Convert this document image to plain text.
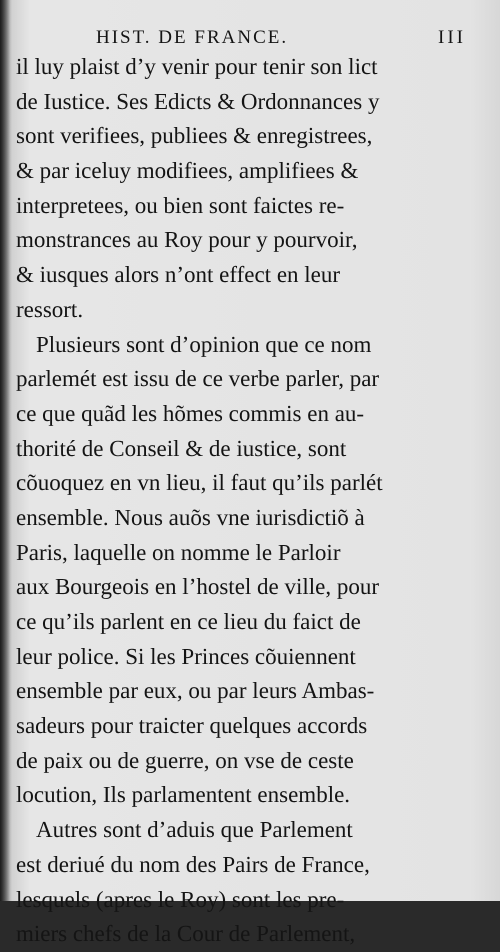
HIST. DE FRANCE.	III
il luy plaist d’y venir pour tenir son lict
de Iustice. Ses Edicts & Ordonnances y
sont verifiees, publiees & enregistrees,
& par iceluy modifiees, amplifiees &
interpretees, ou bien sont faictes re-
monstrances au Roy pour y pourvoir,
& iusques alors n’ont effect en leur
ressort.
Plusieurs sont d’opinion que ce nom
parlemét est issu de ce verbe parler, par
ce que quãd les hõmes commis en au-
thorité de Conseil & de iustice, sont
cõuoquez en vn lieu, il faut qu’ils parlét
ensemble. Nous auõs vne iurisdictiõ à
Paris, laquelle on nomme le Parloir
aux Bourgeois en l’hostel de ville, pour
ce qu’ils parlent en ce lieu du faict de
leur police. Si les Princes cõuiennent
ensemble par eux, ou par leurs Ambas-
sadeurs pour traicter quelques accords
de paix ou de guerre, on vse de ceste
locution, Ils parlamentent ensemble.
Autres sont d’aduis que Parlement
est deriué du nom des Pairs de France,
lesquels (apres le Roy) sont les pre-
miers chefs de la Cour de Parlement,
